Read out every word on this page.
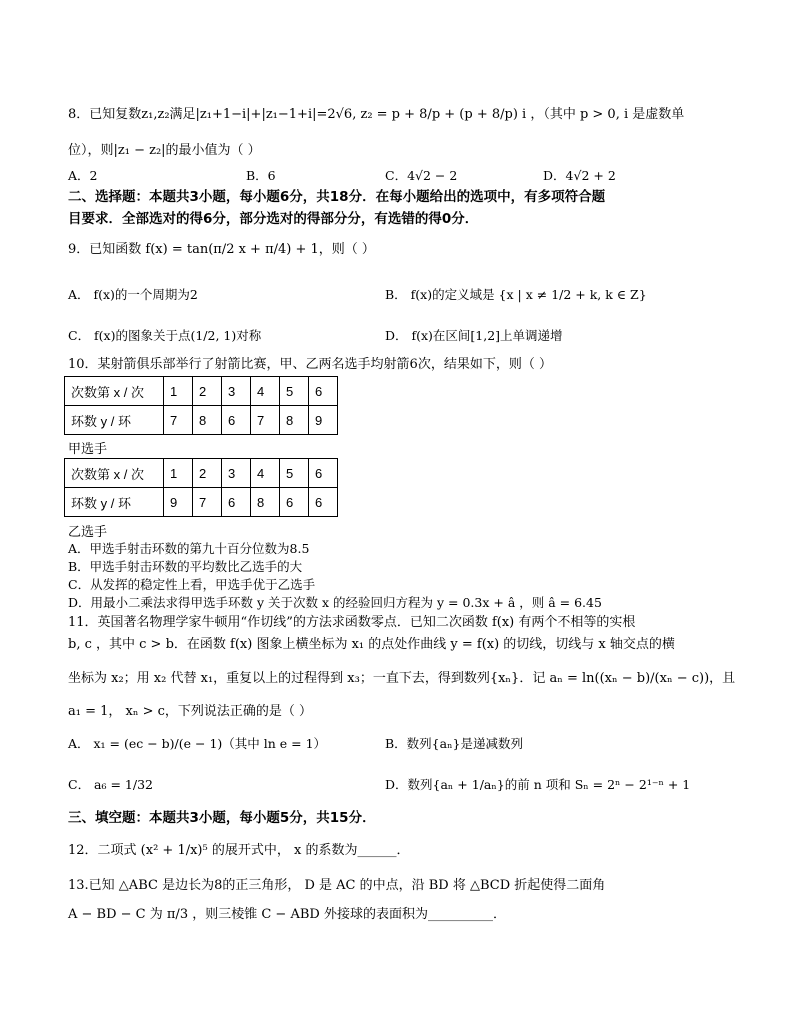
8．已知复数z₁,z₂满足|z₁+1−i|+|z₁−1+i|=2√6, z₂ = p + 8/p + (p + 8/p) i ，（其中 p > 0, i 是虚数单
位），则|z₁ − z₂|的最小值为（ ）
A．2	B．6	C．4√2 − 2	D．4√2 + 2
二、选择题：本题共3小题，每小题6分，共18分．在每小题给出的选项中，有多项符合题
目要求．全部选对的得6分，部分选对的得部分分，有选错的得0分．
9．已知函数 f(x) = tan(π/2 x + π/4) + 1，则（ ）
A． f(x)的一个周期为2	B． f(x)的定义域是 {x | x ≠ 1/2 + k, k ∈ Z}
C． f(x)的图象关于点(1/2, 1)对称	D． f(x)在区间[1,2]上单调递增
10．某射箭俱乐部举行了射箭比赛，甲、乙两名选手均射箭6次，结果如下，则（ ）
次数第 x / 次	1	2	3	4	5	6
环数 y / 环	7	8	6	7	8	9
甲选手
次数第 x / 次	1	2	3	4	5	6
环数 y / 环	9	7	6	8	6	6
乙选手
A．甲选手射击环数的第九十百分位数为8.5
B．甲选手射击环数的平均数比乙选手的大
C．从发挥的稳定性上看，甲选手优于乙选手
D．用最小二乘法求得甲选手环数 y 关于次数 x 的经验回归方程为 y = 0.3x + â ，则 â = 6.45
11．英国著名物理学家牛顿用“作切线”的方法求函数零点．已知二次函数 f(x) 有两个不相等的实根
b, c ，其中 c > b．在函数 f(x) 图象上横坐标为 x₁ 的点处作曲线 y = f(x) 的切线，切线与 x 轴交点的横
坐标为 x₂；用 x₂ 代替 x₁，重复以上的过程得到 x₃；一直下去，得到数列{xₙ}．记 aₙ = ln((xₙ − b)/(xₙ − c))，且
a₁ = 1， xₙ > c，下列说法正确的是（ ）
A． x₁ = (ec − b)/(e − 1)（其中 ln e = 1）	B．数列{aₙ}是递减数列
C． a₆ = 1/32	D．数列{aₙ + 1/aₙ}的前 n 项和 Sₙ = 2ⁿ − 2¹⁻ⁿ + 1
三、填空题：本题共3小题，每小题5分，共15分．
12．二项式 (x² + 1/x)⁵ 的展开式中， x 的系数为______．
13.已知 △ABC 是边长为8的正三角形， D 是 AC 的中点，沿 BD 将 △BCD 折起使得二面角
A − BD − C 为 π/3 ，则三棱锥 C − ABD 外接球的表面积为__________．
